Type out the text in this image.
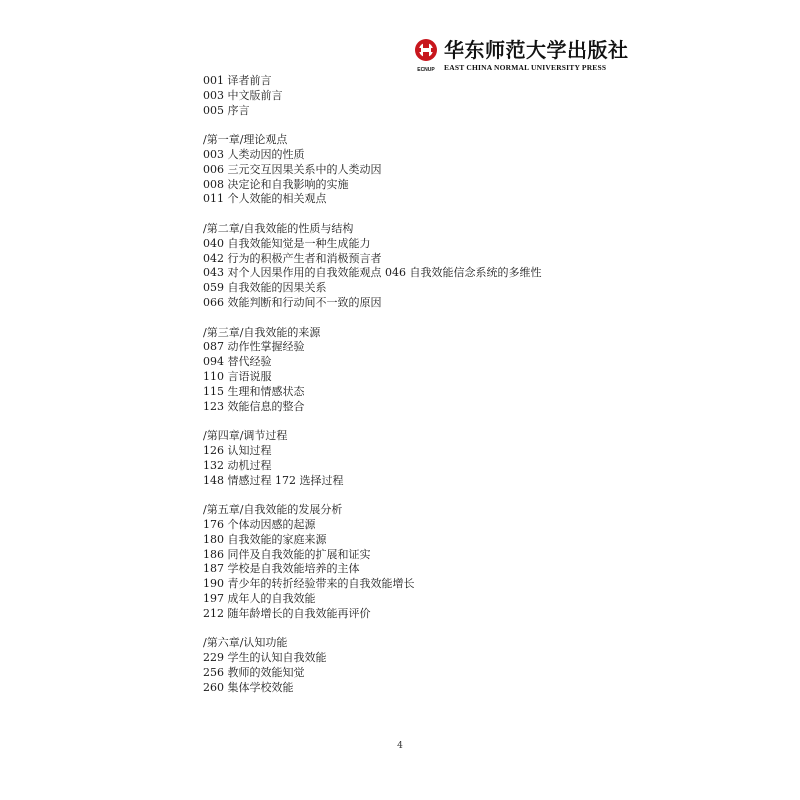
ECNUP
华东师范大学出版社
EAST CHINA NORMAL UNIVERSITY PRESS
001 译者前言
003 中文版前言
005 序言
/第一章/理论观点
003 人类动因的性质
006 三元交互因果关系中的人类动因
008 决定论和自我影响的实施
011 个人效能的相关观点
/第二章/自我效能的性质与结构
040 自我效能知觉是一种生成能力
042 行为的积极产生者和消极预言者
043 对个人因果作用的自我效能观点 046 自我效能信念系统的多维性
059 自我效能的因果关系
066 效能判断和行动间不一致的原因
/第三章/自我效能的来源
087 动作性掌握经验
094 替代经验
110 言语说服
115 生理和情感状态
123 效能信息的整合
/第四章/调节过程
126 认知过程
132 动机过程
148 情感过程 172 选择过程
/第五章/自我效能的发展分析
176 个体动因感的起源
180 自我效能的家庭来源
186 同伴及自我效能的扩展和证实
187 学校是自我效能培养的主体
190 青少年的转折经验带来的自我效能增长
197 成年人的自我效能
212 随年龄增长的自我效能再评价
/第六章/认知功能
229 学生的认知自我效能
256 教师的效能知觉
260 集体学校效能
4
